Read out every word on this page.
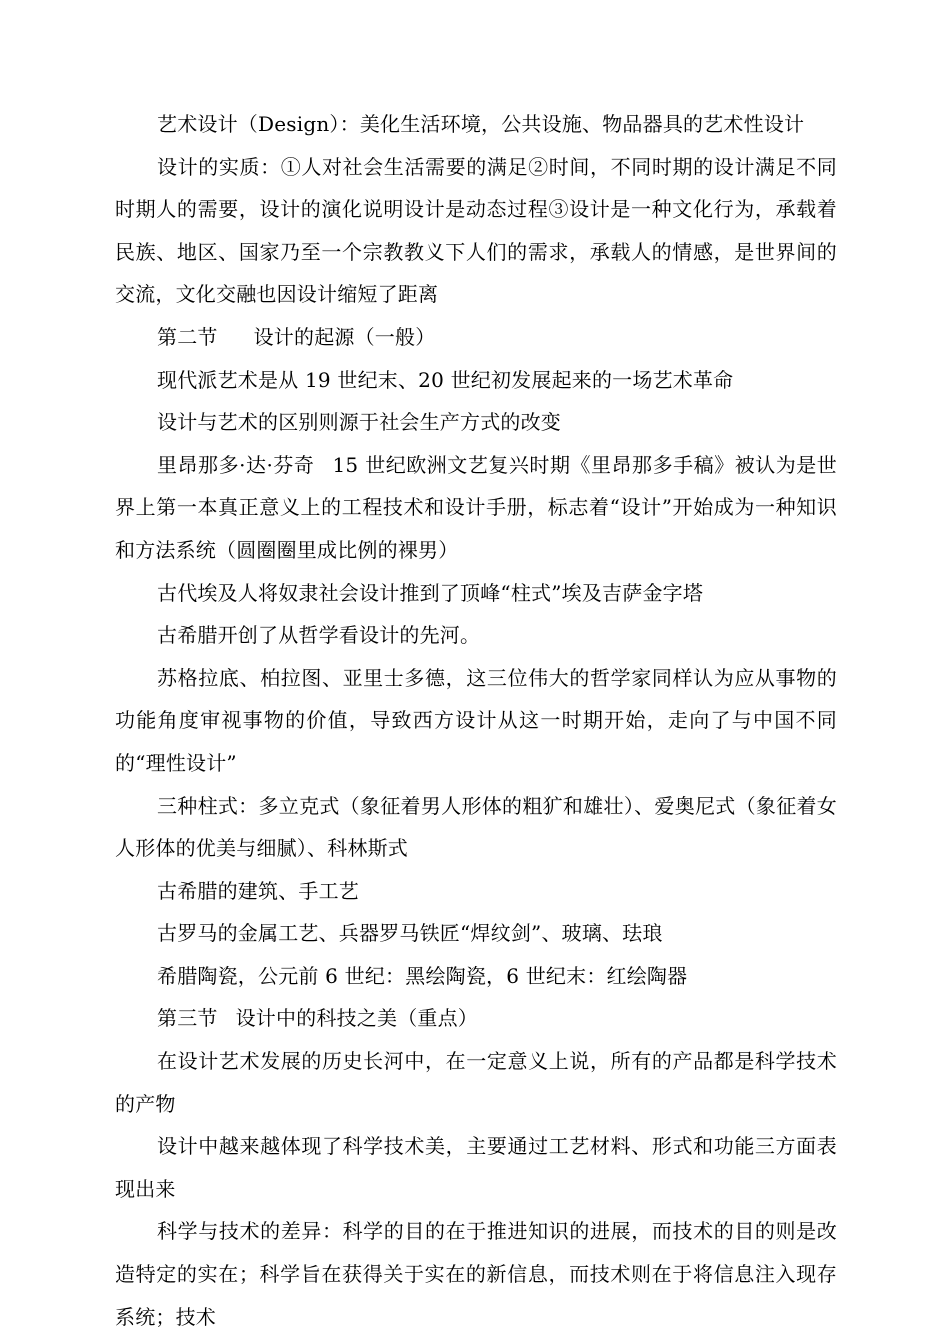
艺术设计（Design）：美化生活环境，公共设施、物品器具的艺术性设计

设计的实质：①人对社会生活需要的满足②时间，不同时期的设计满足不同时期人的需要，设计的演化说明设计是动态过程③设计是一种文化行为，承载着民族、地区、国家乃至一个宗教教义下人们的需求，承载人的情感，是世界间的交流，文化交融也因设计缩短了距离

第二节 设计的起源（一般）

现代派艺术是从 19 世纪末、20 世纪初发展起来的一场艺术革命

设计与艺术的区别则源于社会生产方式的改变

里昂那多·达·芬奇 15 世纪欧洲文艺复兴时期《里昂那多手稿》被认为是世界上第一本真正意义上的工程技术和设计手册，标志着“设计”开始成为一种知识和方法系统（圆圈圈里成比例的裸男）

古代埃及人将奴隶社会设计推到了顶峰“柱式”埃及吉萨金字塔

古希腊开创了从哲学看设计的先河。

苏格拉底、柏拉图、亚里士多德，这三位伟大的哲学家同样认为应从事物的功能角度审视事物的价值，导致西方设计从这一时期开始，走向了与中国不同的“理性设计”

三种柱式：多立克式（象征着男人形体的粗犷和雄壮）、爱奥尼式（象征着女人形体的优美与细腻）、科林斯式

古希腊的建筑、手工艺

古罗马的金属工艺、兵器罗马铁匠“焊纹剑”、玻璃、珐琅

希腊陶瓷，公元前 6 世纪：黑绘陶瓷，6 世纪末：红绘陶器

第三节 设计中的科技之美（重点）

在设计艺术发展的历史长河中，在一定意义上说，所有的产品都是科学技术的产物

设计中越来越体现了科学技术美，主要通过工艺材料、形式和功能三方面表现出来

科学与技术的差异：科学的目的在于推进知识的进展，而技术的目的则是改造特定的实在；科学旨在获得关于实在的新信息，而技术则在于将信息注入现存系统；技术
